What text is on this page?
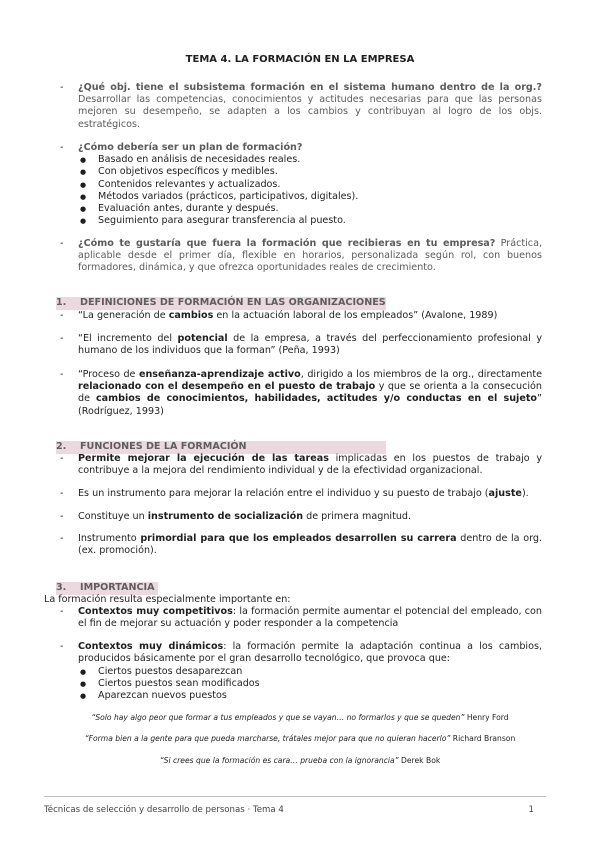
TEMA 4. LA FORMACIÓN EN LA EMPRESA
-	¿Qué obj. tiene el subsistema formación en el sistema humano dentro de la org.? Desarrollar las competencias, conocimientos y actitudes necesarias para que las personas mejoren su desempeño, se adapten a los cambios y contribuyan al logro de los objs. estratégicos.
-	¿Cómo debería ser un plan de formación?
● Basado en análisis de necesidades reales.
● Con objetivos específicos y medibles.
● Contenidos relevantes y actualizados.
● Métodos variados (prácticos, participativos, digitales).
● Evaluación antes, durante y después.
● Seguimiento para asegurar transferencia al puesto.
-	¿Cómo te gustaría que fuera la formación que recibieras en tu empresa? Práctica, aplicable desde el primer día, flexible en horarios, personalizada según rol, con buenos formadores, dinámica, y que ofrezca oportunidades reales de crecimiento.
1. DEFINICIONES DE FORMACIÓN EN LAS ORGANIZACIONES
-	“La generación de cambios en la actuación laboral de los empleados” (Avalone, 1989)
-	“El incremento del potencial de la empresa, a través del perfeccionamiento profesional y humano de los individuos que la forman” (Peña, 1993)
-	“Proceso de enseñanza-aprendizaje activo, dirigido a los miembros de la org., directamente relacionado con el desempeño en el puesto de trabajo y que se orienta a la consecución de cambios de conocimientos, habilidades, actitudes y/o conductas en el sujeto” (Rodríguez, 1993)
2. FUNCIONES DE LA FORMACIÓN
-	Permite mejorar la ejecución de las tareas implicadas en los puestos de trabajo y contribuye a la mejora del rendimiento individual y de la efectividad organizacional.
-	Es un instrumento para mejorar la relación entre el individuo y su puesto de trabajo (ajuste).
-	Constituye un instrumento de socialización de primera magnitud.
-	Instrumento primordial para que los empleados desarrollen su carrera dentro de la org. (ex. promoción).
3. IMPORTANCIA
La formación resulta especialmente importante en:
-	Contextos muy competitivos: la formación permite aumentar el potencial del empleado, con el fin de mejorar su actuación y poder responder a la competencia
-	Contextos muy dinámicos: la formación permite la adaptación continua a los cambios, producidos básicamente por el gran desarrollo tecnológico, que provoca que:
● Ciertos puestos desaparezcan
● Ciertos puestos sean modificados
● Aparezcan nuevos puestos
“Solo hay algo peor que formar a tus empleados y que se vayan… no formarlos y que se queden” Henry Ford
“Forma bien a la gente para que pueda marcharse, trátales mejor para que no quieran hacerlo” Richard Branson
“Si crees que la formación es cara… prueba con la ignorancia” Derek Bok
Técnicas de selección y desarrollo de personas · Tema 4	1
